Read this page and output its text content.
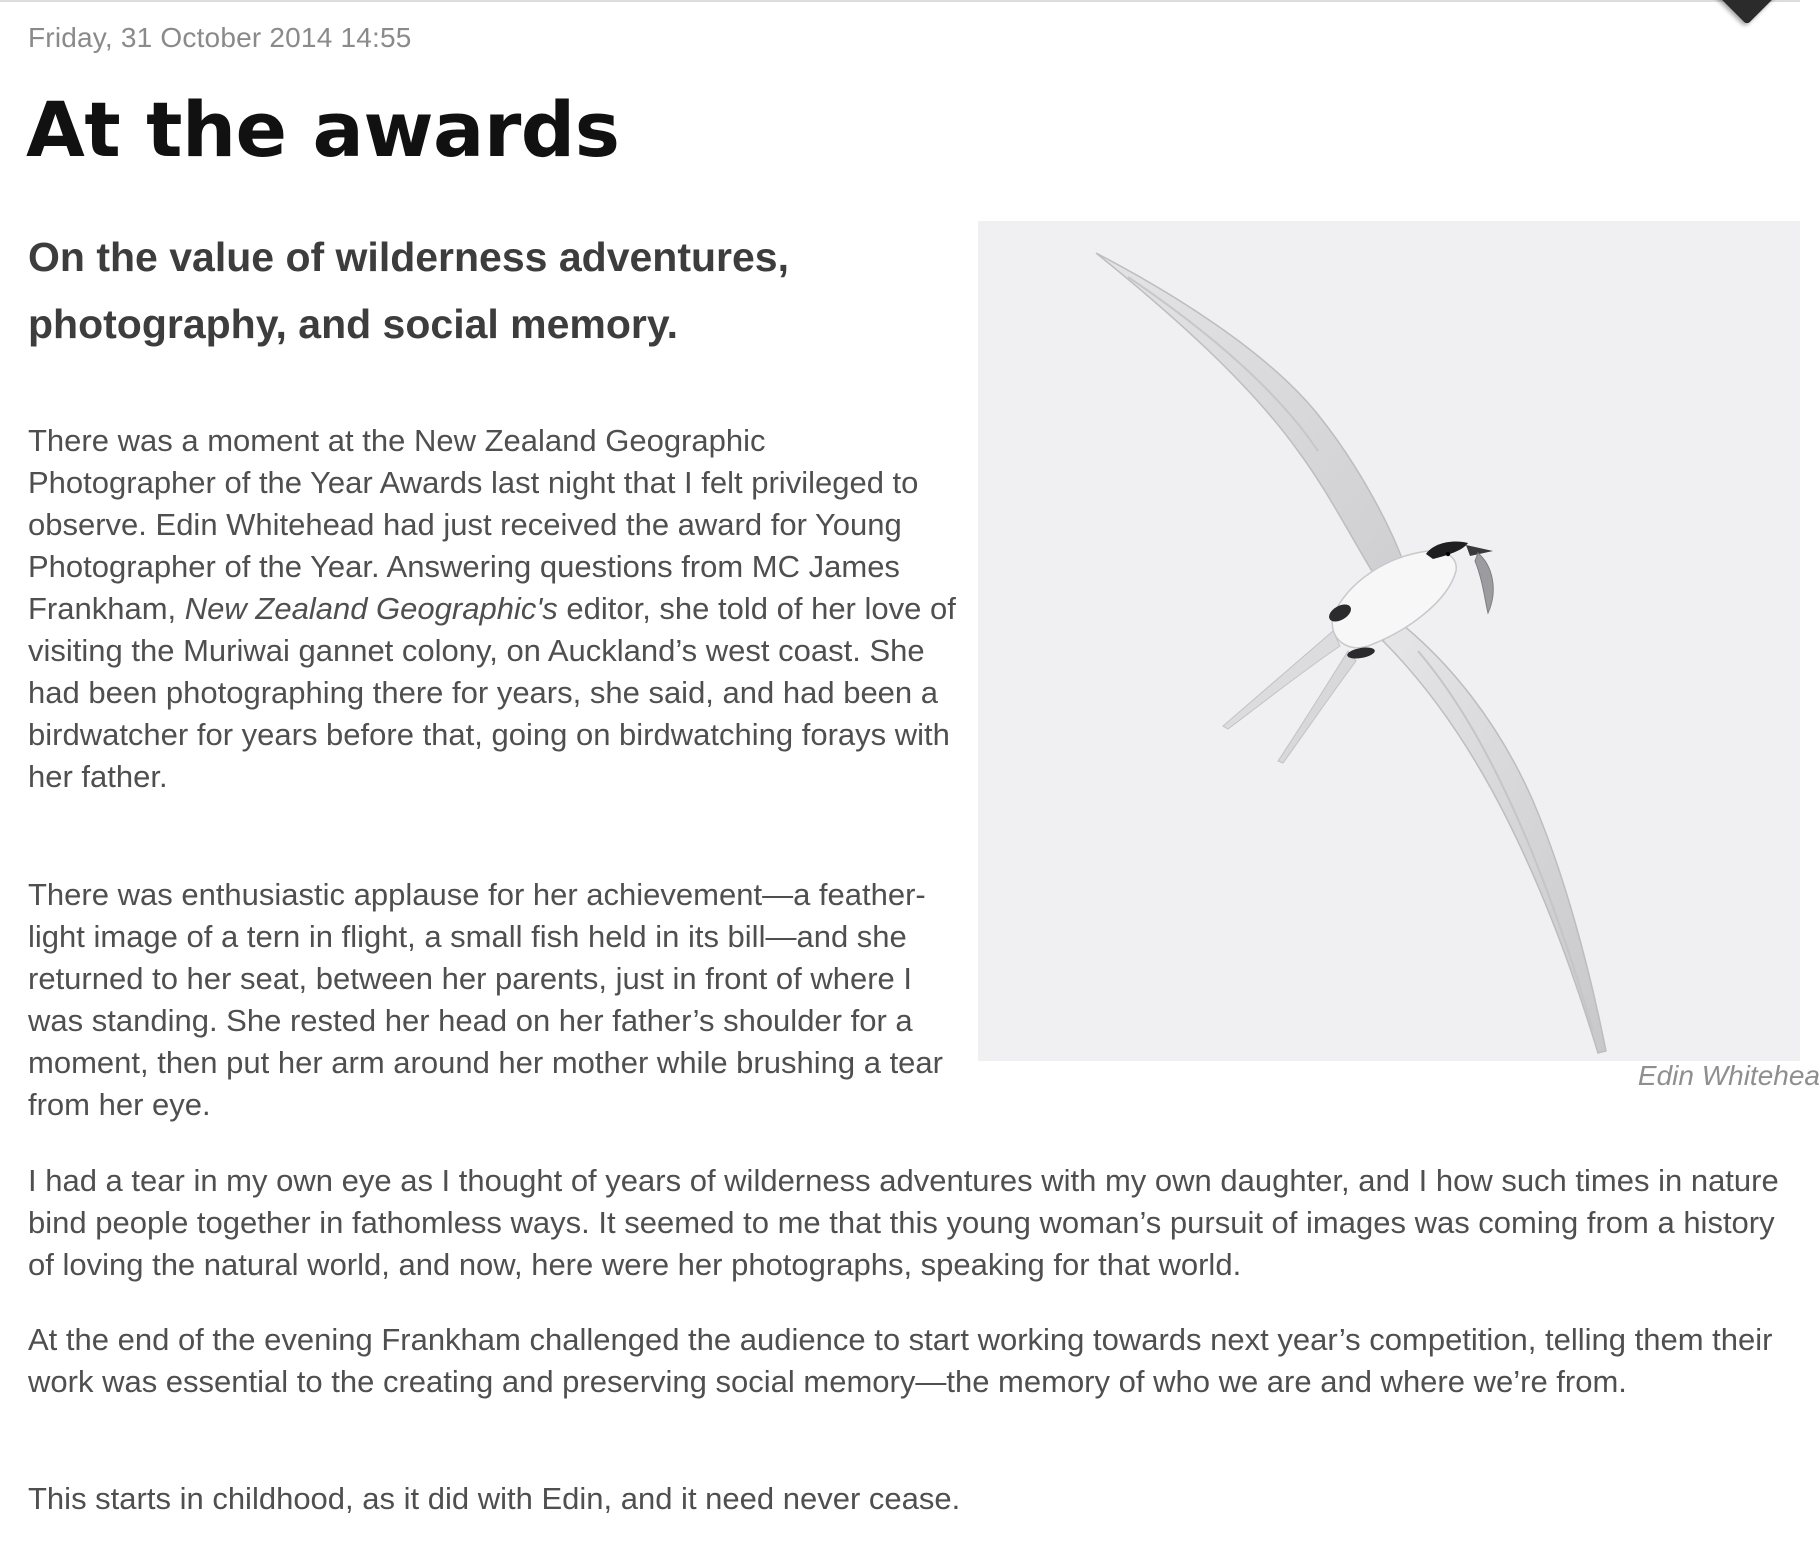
Friday, 31 October 2014 14:55
At the awards
On the value of wilderness adventures, photography, and social memory.
Edin Whitehea

There was a moment at the New Zealand Geographic Photographer of the Year Awards last night that I felt privileged to observe. Edin Whitehead had just received the award for Young Photographer of the Year. Answering questions from MC James Frankham, New Zealand Geographic's editor, she told of her love of visiting the Muriwai gannet colony, on Auckland’s west coast. She had been photographing there for years, she said, and had been a birdwatcher for years before that, going on birdwatching forays with her father.

There was enthusiastic applause for her achievement—a feather-light image of a tern in flight, a small fish held in its bill—and she returned to her seat, between her parents, just in front of where I was standing. She rested her head on her father’s shoulder for a moment, then put her arm around her mother while brushing a tear from her eye.

I had a tear in my own eye as I thought of years of wilderness adventures with my own daughter, and I how such times in nature bind people together in fathomless ways. It seemed to me that this young woman’s pursuit of images was coming from a history of loving the natural world, and now, here were her photographs, speaking for that world.

At the end of the evening Frankham challenged the audience to start working towards next year’s competition, telling them their work was essential to the creating and preserving social memory—the memory of who we are and where we’re from.

This starts in childhood, as it did with Edin, and it need never cease.
